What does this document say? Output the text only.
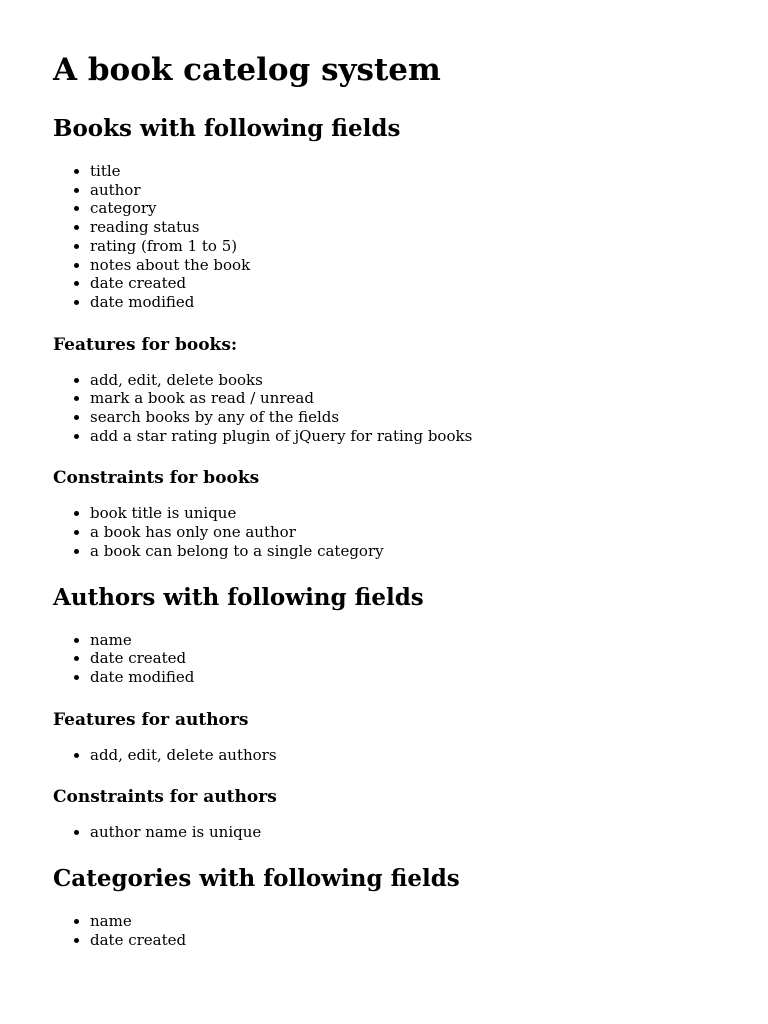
A book catelog system
Books with following fields
• title
• author
• category
• reading status
• rating (from 1 to 5)
• notes about the book
• date created
• date modified
Features for books:
• add, edit, delete books
• mark a book as read / unread
• search books by any of the fields
• add a star rating plugin of jQuery for rating books
Constraints for books
• book title is unique
• a book has only one author
• a book can belong to a single category
Authors with following fields
• name
• date created
• date modified
Features for authors
• add, edit, delete authors
Constraints for authors
• author name is unique
Categories with following fields
• name
• date created
